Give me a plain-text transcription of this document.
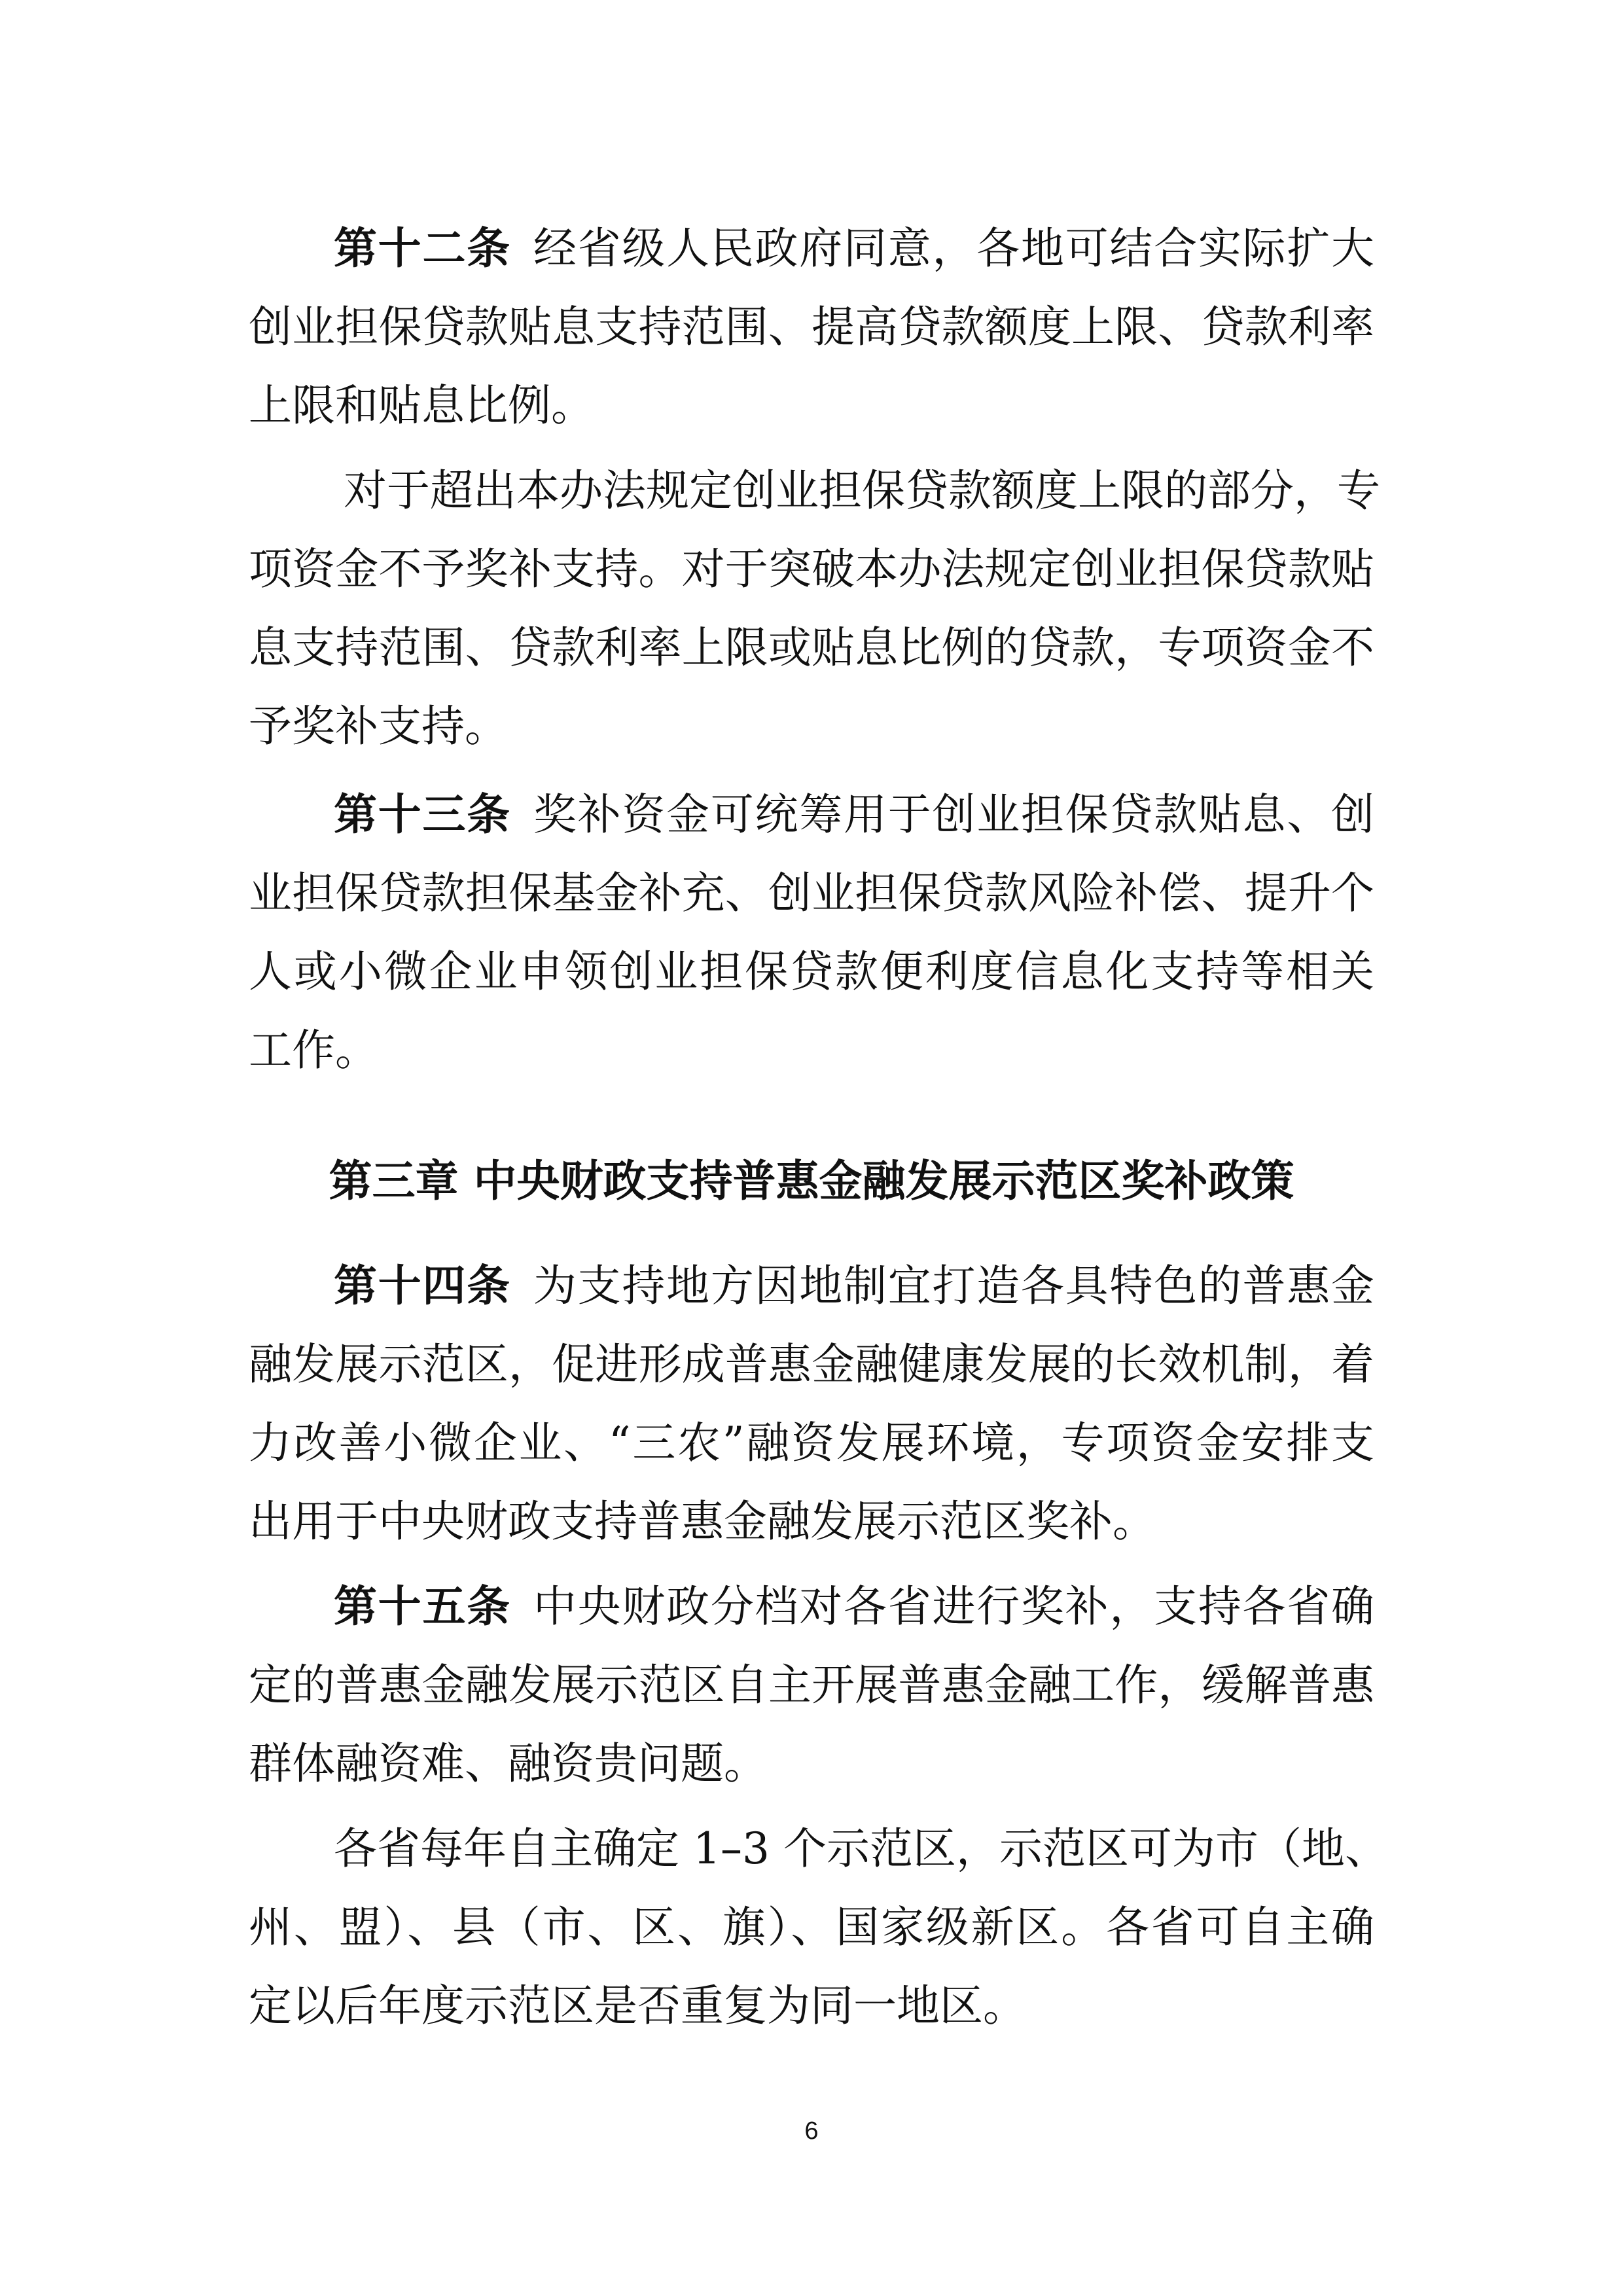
第十二条 经省级人民政府同意，各地可结合实际扩大
创业担保贷款贴息支持范围、提高贷款额度上限、贷款利率
上限和贴息比例。
对于超出本办法规定创业担保贷款额度上限的部分，专
项资金不予奖补支持。对于突破本办法规定创业担保贷款贴
息支持范围、贷款利率上限或贴息比例的贷款，专项资金不
予奖补支持。
第十三条 奖补资金可统筹用于创业担保贷款贴息、创
业担保贷款担保基金补充、创业担保贷款风险补偿、提升个
人或小微企业申领创业担保贷款便利度信息化支持等相关
工作。
第三章 中央财政支持普惠金融发展示范区奖补政策
第十四条 为支持地方因地制宜打造各具特色的普惠金
融发展示范区，促进形成普惠金融健康发展的长效机制，着
力改善小微企业、“三农”融资发展环境，专项资金安排支
出用于中央财政支持普惠金融发展示范区奖补。
第十五条 中央财政分档对各省进行奖补，支持各省确
定的普惠金融发展示范区自主开展普惠金融工作，缓解普惠
群体融资难、融资贵问题。
各省每年自主确定 1–3 个示范区，示范区可为市（地、
州、盟）、县（市、区、旗）、国家级新区。各省可自主确
定以后年度示范区是否重复为同一地区。
6
